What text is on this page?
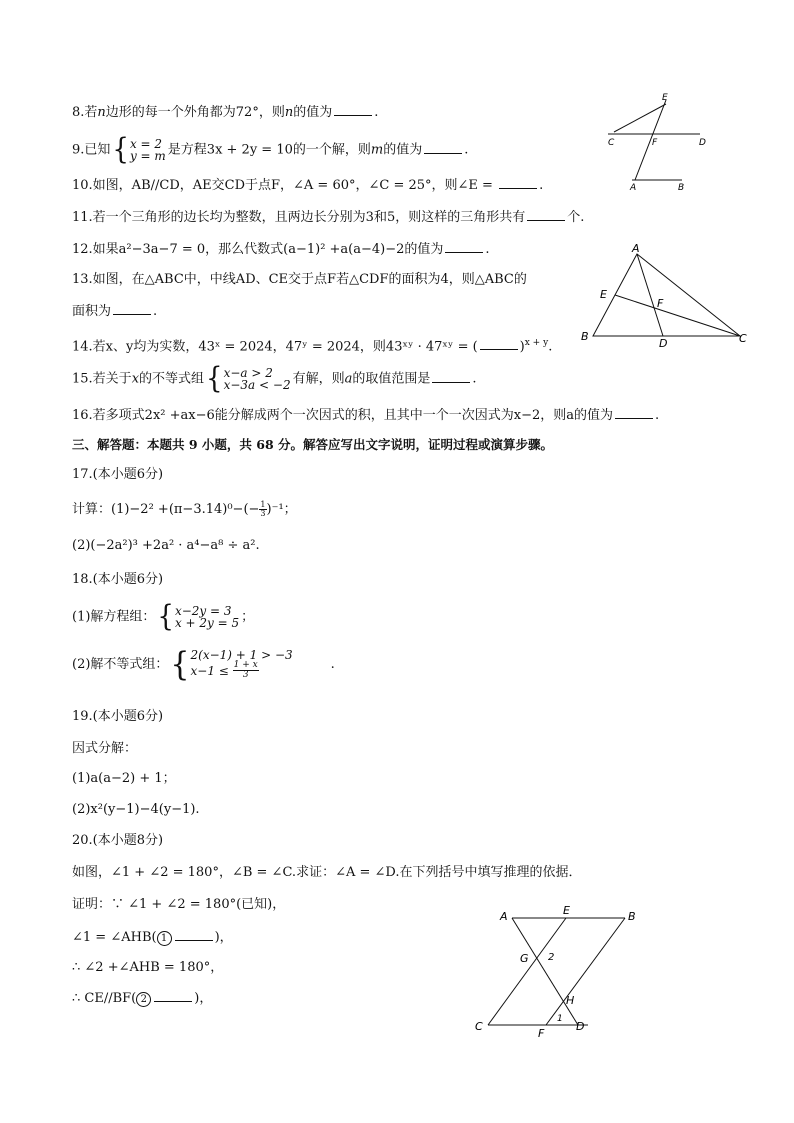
8.若n边形的每一个外角都为72°，则n的值为	.
9.已知 { x = 2
y = m 是方程3x + 2y = 10的一个解，则m的值为	.
10.如图，AB//CD，AE交CD于点F，∠A = 60°，∠C = 25°，则∠E =	.
11.若一个三角形的边长均为整数，且两边长分别为3和5，则这样的三角形共有	个.
12.如果a²−3a−7 = 0，那么代数式(a−1)² +a(a−4)−2的值为	.
13.如图，在△ABC中，中线AD、CE交于点F若△CDF的面积为4，则△ABC的
面积为	.
14.若x、y均为实数，43ˣ = 2024，47ʸ = 2024，则43ˣʸ · 47ˣʸ = (	)$^{x + y}$.
15.若关于x的不等式组 { x−a > 2
x−3a < −2 有解，则a的取值范围是	.
16.若多项式2x² +ax−6能分解成两个一次因式的积，且其中一个一次因式为x−2，则a的值为	.
三、解答题：本题共 9 小题，共 68 分。解答应写出文字说明，证明过程或演算步骤。
17.(本小题6分)
计算：$(1)-2^2 +(\pi-3.14)^0-(- \frac{1}{3} )^{-1}$；
(2)(−2a²)³ +2a² · a⁴−a⁸ ÷ a².
18.(本小题6分)
(1)解方程组： { x−2y = 3
x + 2y = 5 ；
(2)解不等式组： { 2(x−1) + 1 > −3
x−1 ≤
$\frac{1 + x}{3}$	.
19.(本小题6分)
因式分解：
(1)a(a−2) + 1；
(2)x²(y−1)−4(y−1).
20.(本小题8分)
如图，∠1 + ∠2 = 180°，∠B = ∠C.求证：∠A = ∠D.在下列括号中填写推理的依据．
证明：∵ ∠1 + ∠2 = 180°(已知)，
∠1 = ∠AHB( 1	)，
∴ ∠2 +∠AHB = 180°，
∴ CE//BF( 2	)，
E
C	F	D
A	B
A
E
F
B
D	C
A	E	B
G 2
H
1
C
F
D
